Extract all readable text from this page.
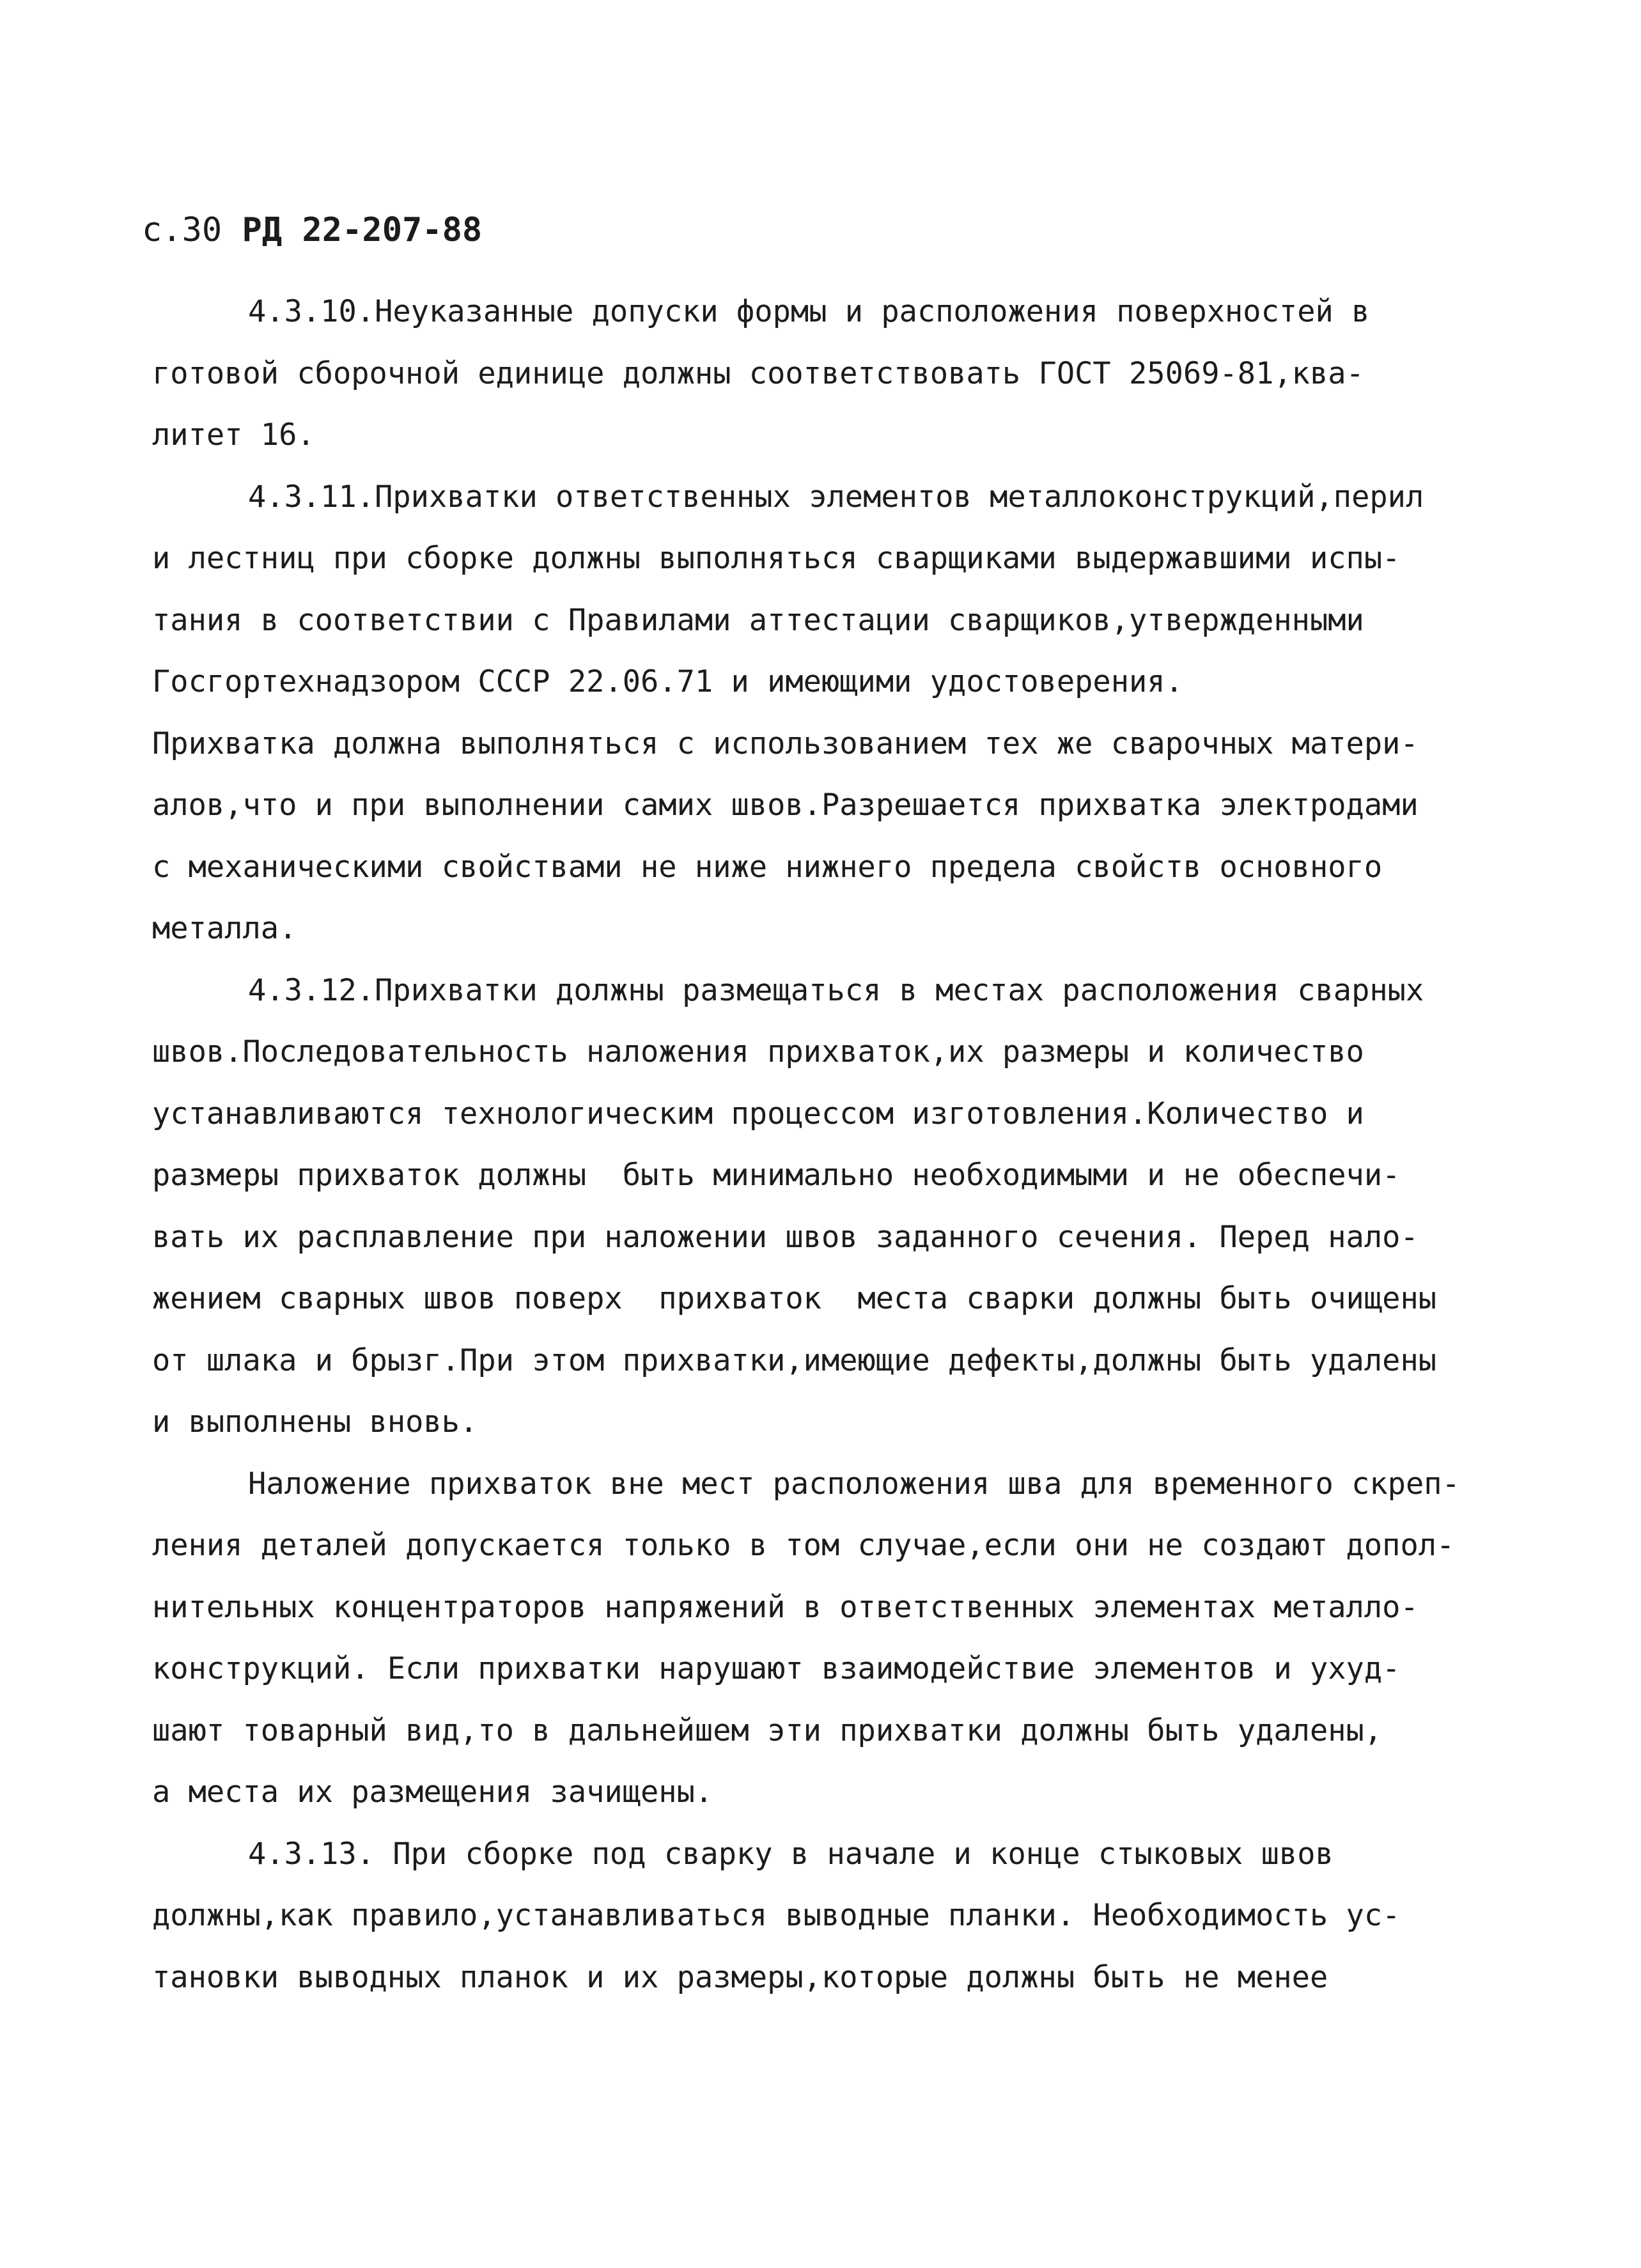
с.30 РД 22-207-88
4.3.10.Неуказанные допуски формы и расположения поверхностей в
готовой сборочной единице должны соответствовать ГОСТ 25069-81,ква-
литет 16.
4.3.11.Прихватки ответственных элементов металлоконструкций,перил
и лестниц при сборке должны выполняться сварщиками выдержавшими испы-
тания в соответствии с Правилами аттестации сварщиков,утвержденными
Госгортехнадзором СССР 22.06.71 и имеющими удостоверения.
Прихватка должна выполняться с использованием тех же сварочных матери-
алов,что и при выполнении самих швов.Разрешается прихватка электродами
с механическими свойствами не ниже нижнего предела свойств основного
металла.
4.3.12.Прихватки должны размещаться в местах расположения сварных
швов.Последовательность наложения прихваток,их размеры и количество
устанавливаются технологическим процессом изготовления.Количество и
размеры прихваток должны  быть минимально необходимыми и не обеспечи-
вать их расплавление при наложении швов заданного сечения. Перед нало-
жением сварных швов поверх  прихваток  места сварки должны быть очищены
от шлака и брызг.При этом прихватки,имеющие дефекты,должны быть удалены
и выполнены вновь.
Наложение прихваток вне мест расположения шва для временного скреп-
ления деталей допускается только в том случае,если они не создают допол-
нительных концентраторов напряжений в ответственных элементах металло-
конструкций. Если прихватки нарушают взаимодействие элементов и ухуд-
шают товарный вид,то в дальнейшем эти прихватки должны быть удалены,
а места их размещения зачищены.
4.3.13. При сборке под сварку в начале и конце стыковых швов
должны,как правило,устанавливаться выводные планки. Необходимость ус-
тановки выводных планок и их размеры,которые должны быть не менее
